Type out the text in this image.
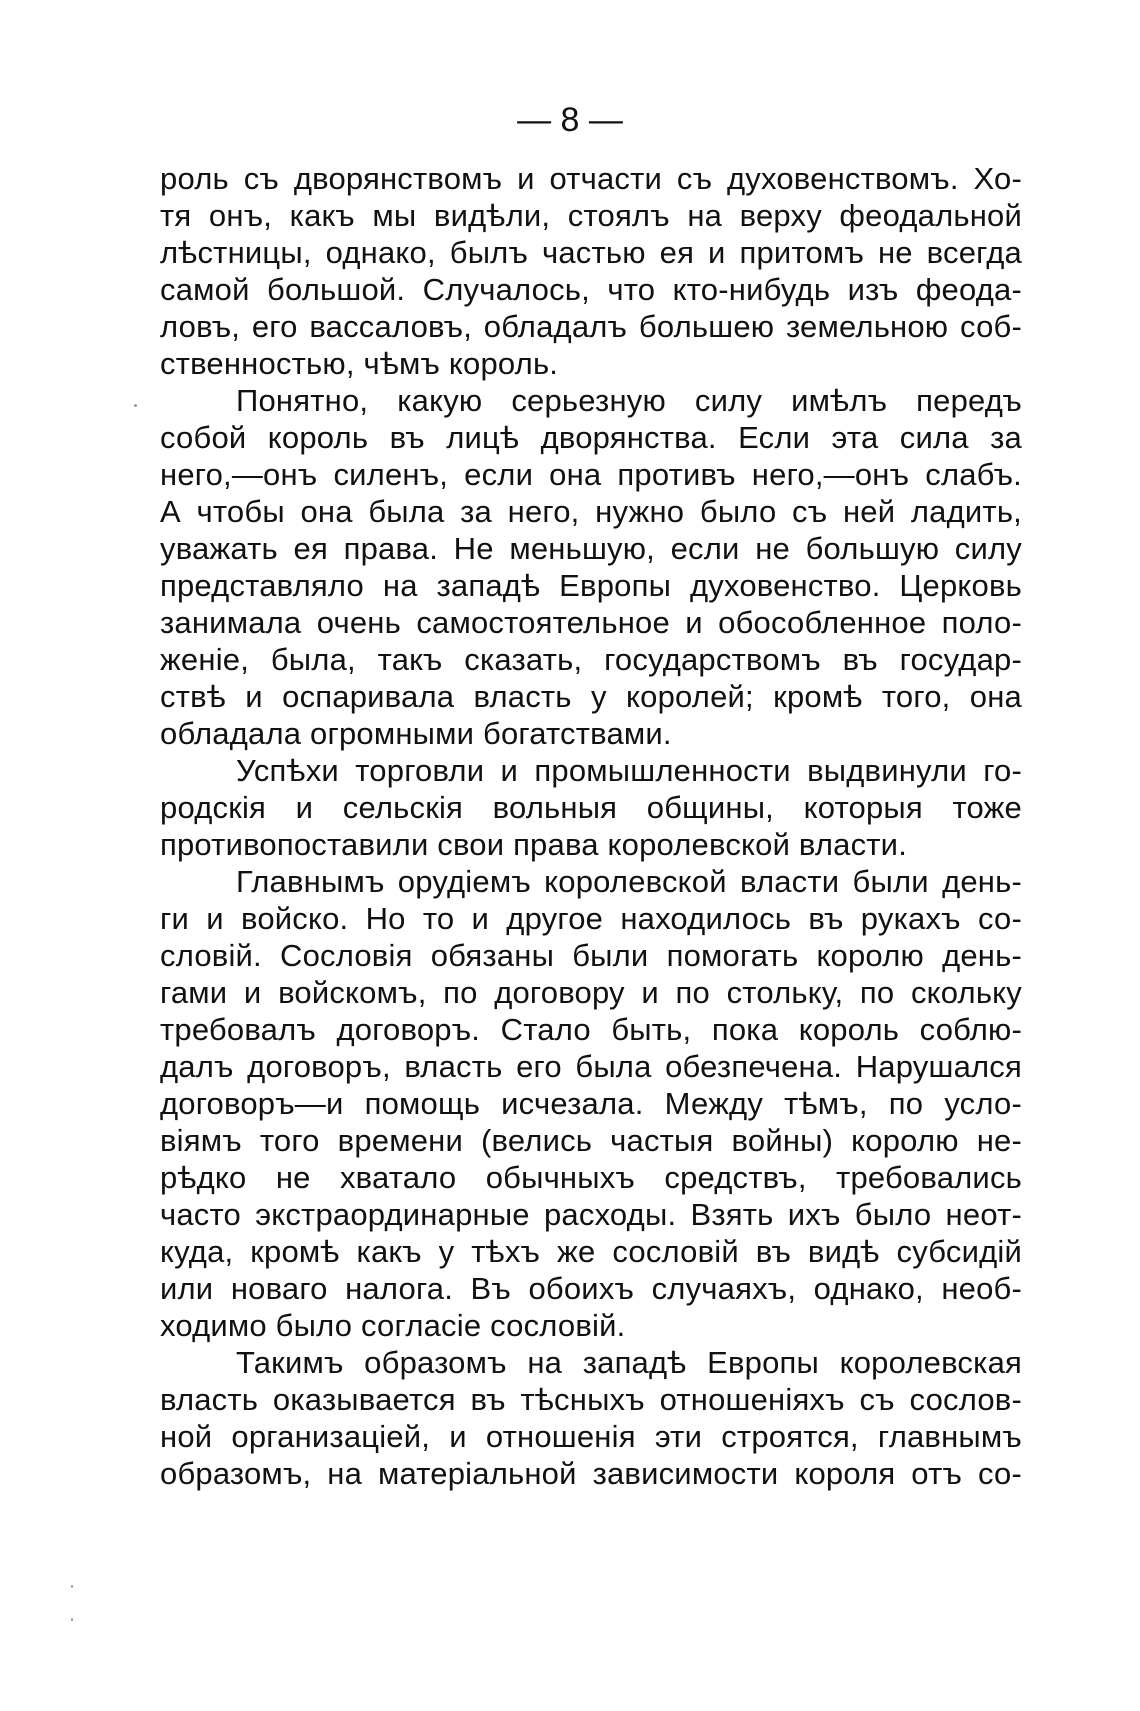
— 8 —
роль съ дворянствомъ и отчасти съ духовенствомъ. Хо-
тя онъ, какъ мы видѣли, стоялъ на верху феодальной
лѣстницы, однако, былъ частью ея и притомъ не всегда
самой большой. Случалось, что кто-нибудь изъ феода-
ловъ, его вассаловъ, обладалъ большею земельною соб-
ственностью, чѣмъ король.
Понятно, какую серьезную силу имѣлъ передъ
собой король въ лицѣ дворянства. Если эта сила за
него,—онъ силенъ, если она противъ него,—онъ слабъ.
А чтобы она была за него, нужно было съ ней ладить,
уважать ея права. Не меньшую, если не большую силу
представляло на западѣ Европы духовенство. Церковь
занимала очень самостоятельное и обособленное поло-
женіе, была, такъ сказать, государствомъ въ государ-
ствѣ и оспаривала власть у королей; кромѣ того, она
обладала огромными богатствами.
Успѣхи торговли и промышленности выдвинули го-
родскія и сельскія вольныя общины, которыя тоже
противопоставили свои права королевской власти.
Главнымъ орудіемъ королевской власти были день-
ги и войско. Но то и другое находилось въ рукахъ со-
словій. Сословія обязаны были помогать королю день-
гами и войскомъ, по договору и по стольку, по скольку
требовалъ договоръ. Стало быть, пока король соблю-
далъ договоръ, власть его была обезпечена. Нарушался
договоръ—и помощь исчезала. Между тѣмъ, по усло-
віямъ того времени (велись частыя войны) королю не-
рѣдко не хватало обычныхъ средствъ, требовались
часто экстраординарные расходы. Взять ихъ было неот-
куда, кромѣ какъ у тѣхъ же сословій въ видѣ субсидій
или новаго налога. Въ обоихъ случаяхъ, однако, необ-
ходимо было согласіе сословій.
Такимъ образомъ на западѣ Европы королевская
власть оказывается въ тѣсныхъ отношеніяхъ съ сослов-
ной организаціей, и отношенія эти строятся, главнымъ
образомъ, на матеріальной зависимости короля отъ со-
